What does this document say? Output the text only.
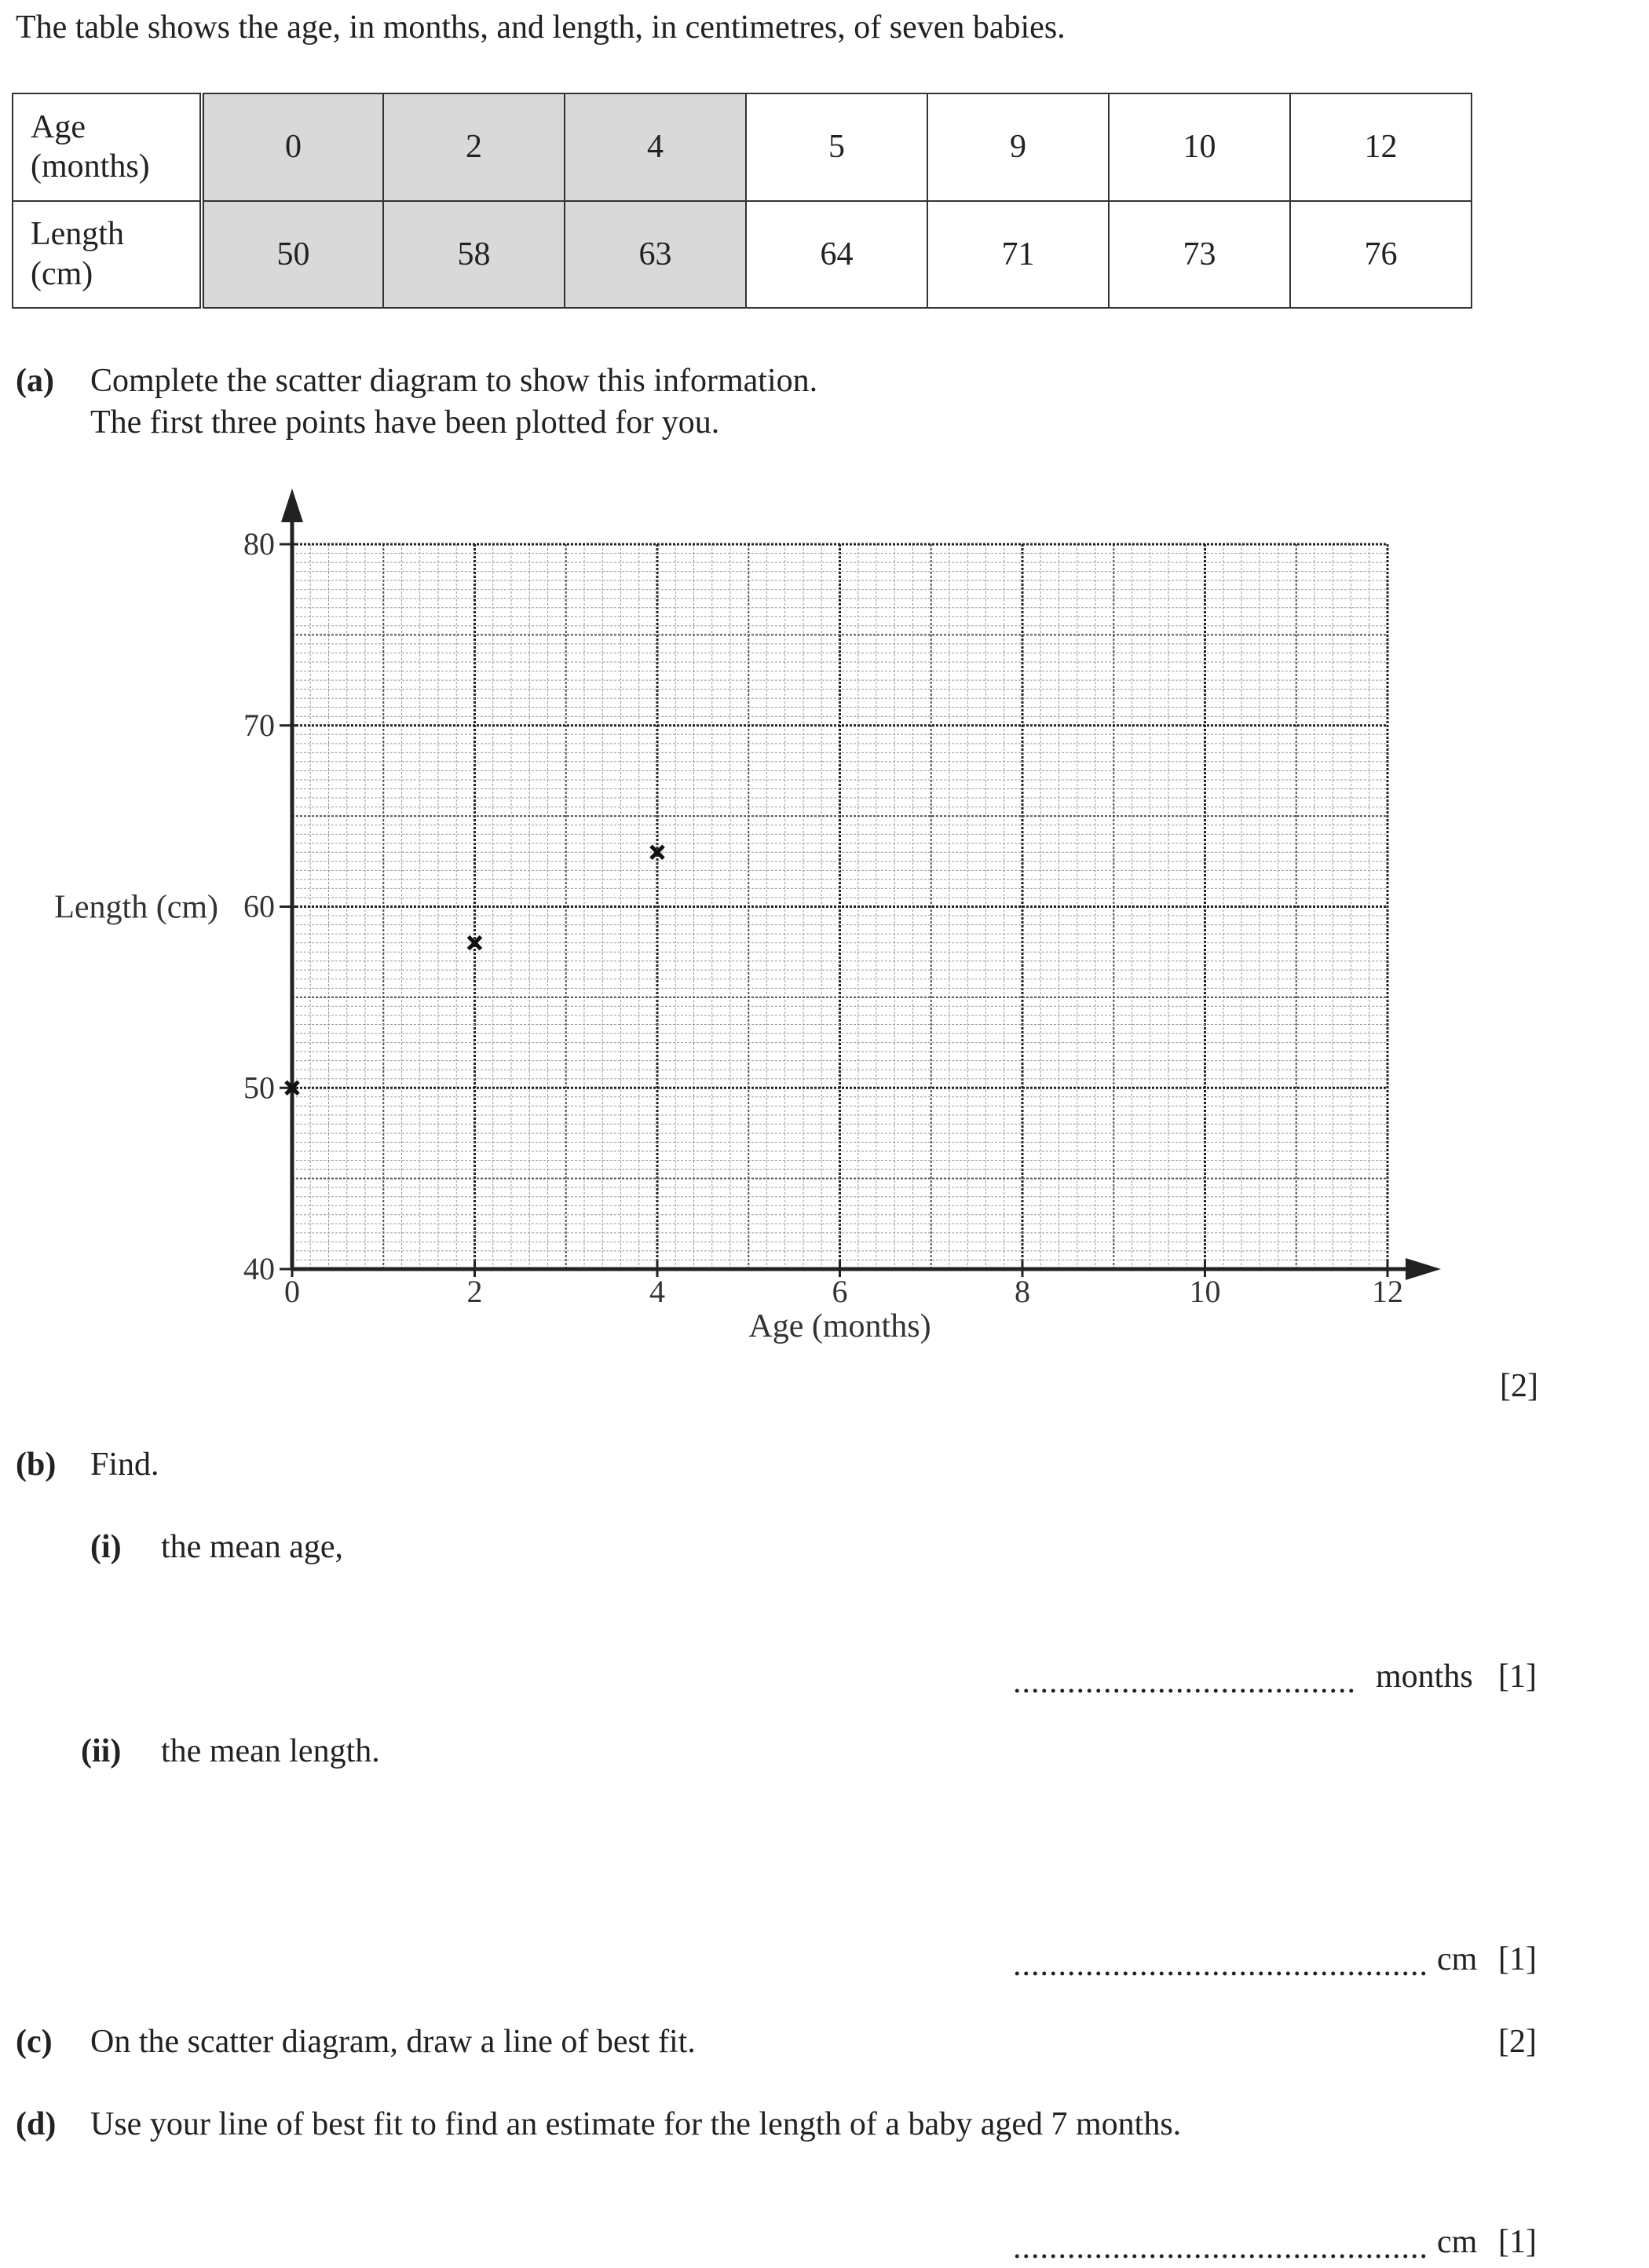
The table shows the age, in months, and length, in centimetres, of seven babies.
Age
(months)	0	2	4	5	9	10	12

Length
(cm)	50	58	63	64	71	73	76
(a) Complete the scatter diagram to show this information.
The first three points have been plotted for you.
0	2	4	6	8	10	12
40
50
60
70
80
Age (months)
Length (cm)
[2]
(b) Find.
(i) the mean age,
...................................... months [1]
(ii) the mean length.
.............................................. cm [1]
(c) On the scatter diagram, draw a line of best fit.	[2]
(d) Use your line of best fit to find an estimate for the length of a baby aged 7 months.
.............................................. cm [1]
